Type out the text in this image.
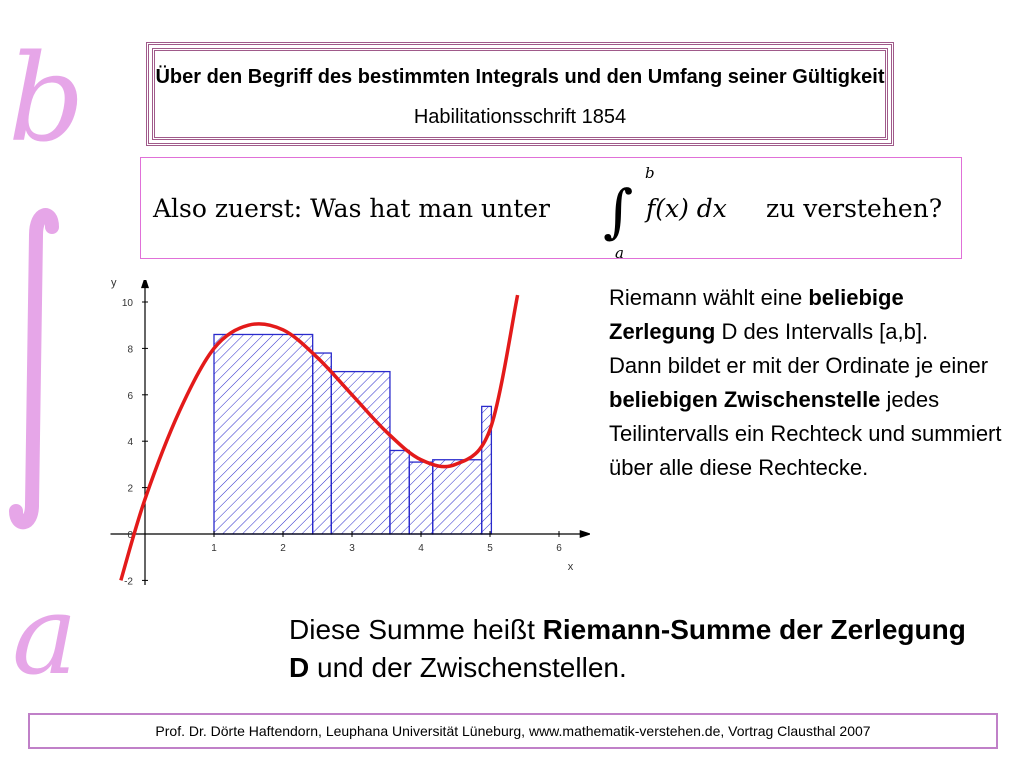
b
a
Über den Begriff des bestimmten Integrals und den Umfang seiner Gültigkeit Habilitationsschrift 1854
Also zuerst: Was hat man unter ∫
b
a
f(x) dx zu verstehen?
1	2	3	4	5	6
-2
0
2
4
6
8
10
x
y
Riemann wählt eine beliebige Zerlegung D des Intervalls [a,b].
Dann bildet er mit der Ordinate je einer beliebigen Zwischenstelle jedes Teilintervalls ein Rechteck und summiert über alle diese Rechtecke.
Diese Summe heißt Riemann-Summe der Zerlegung D und der Zwischenstellen.
Prof. Dr. Dörte Haftendorn, Leuphana Universität Lüneburg, www.mathematik-verstehen.de, Vortrag Clausthal 2007
